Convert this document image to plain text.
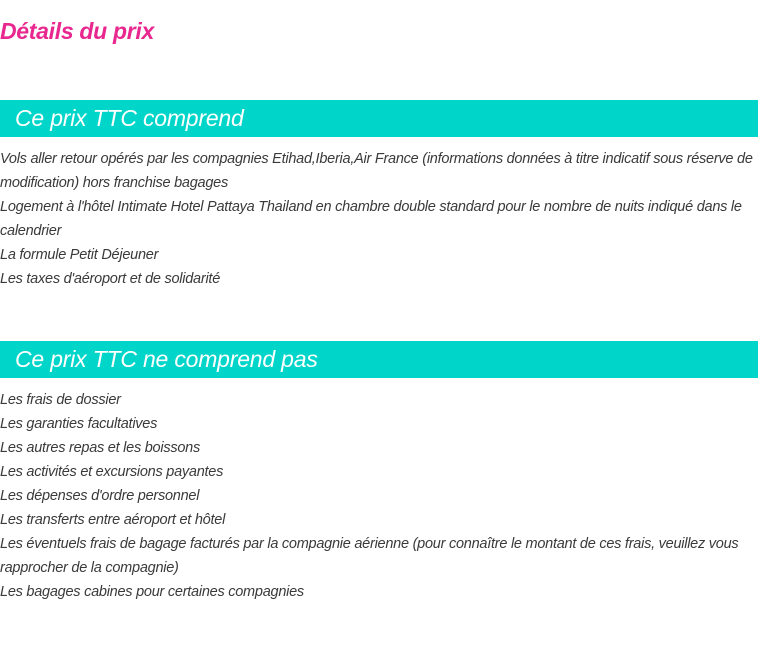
Détails du prix
Ce prix TTC comprend
Vols aller retour opérés par les compagnies Etihad,Iberia,Air France (informations données à titre indicatif sous réserve de modification) hors franchise bagages
Logement à l'hôtel Intimate Hotel Pattaya Thailand en chambre double standard pour le nombre de nuits indiqué dans le calendrier
La formule Petit Déjeuner
Les taxes d'aéroport et de solidarité
Ce prix TTC ne comprend pas
Les frais de dossier
Les garanties facultatives
Les autres repas et les boissons
Les activités et excursions payantes
Les dépenses d'ordre personnel
Les transferts entre aéroport et hôtel
Les éventuels frais de bagage facturés par la compagnie aérienne (pour connaître le montant de ces frais, veuillez vous rapprocher de la compagnie)
Les bagages cabines pour certaines compagnies
